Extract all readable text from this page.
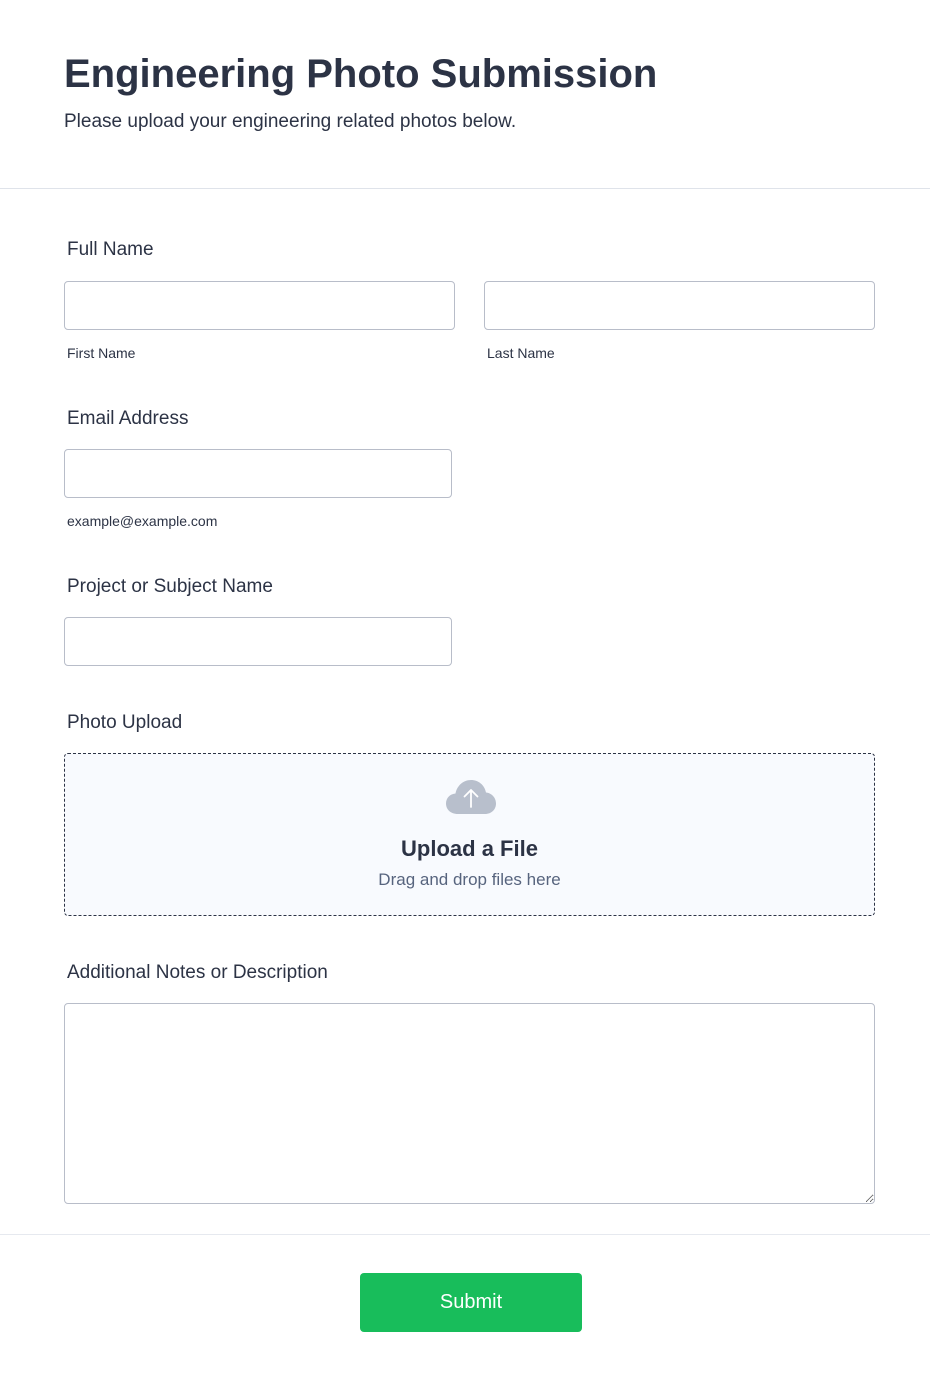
Engineering Photo Submission

Please upload your engineering related photos below.

Full Name
First Name	Last Name
Email Address
example@example.com
Project or Subject Name
Photo Upload
Upload a File
Drag and drop files here
Additional Notes or Description
Submit
